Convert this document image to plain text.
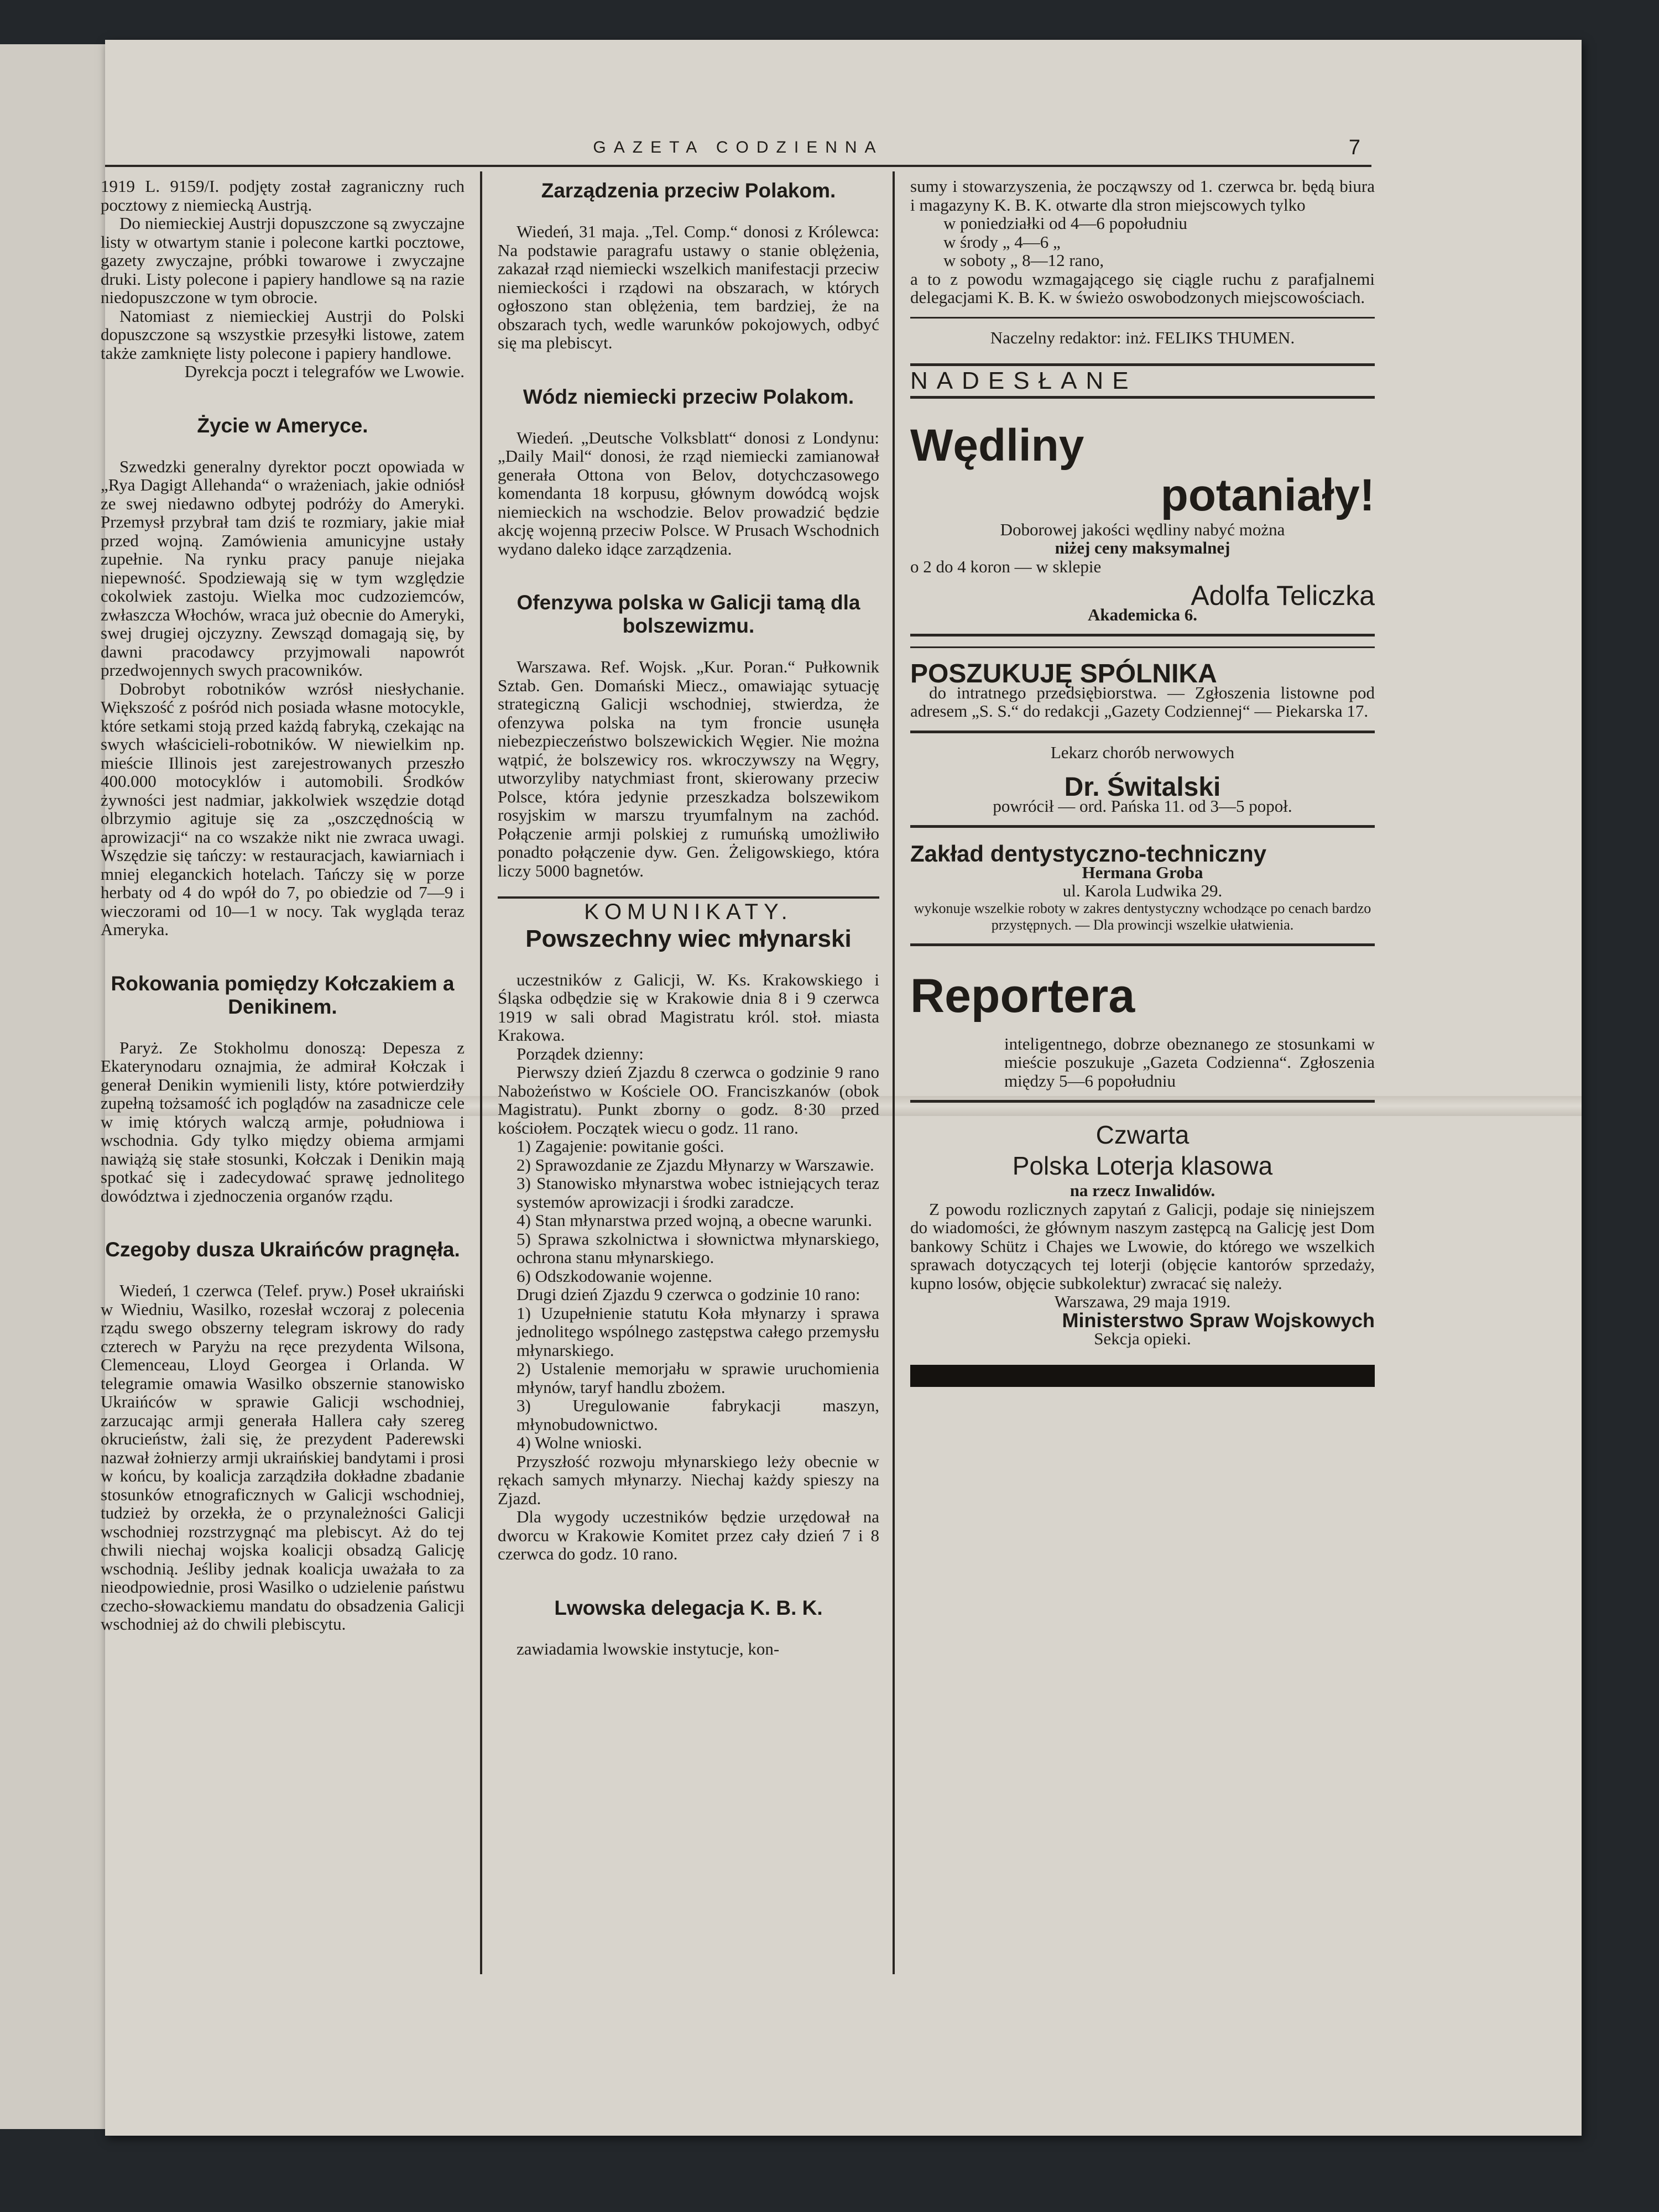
GAZETA CODZIENNA	7

1919 L. 9159/I. podjęty został zagraniczny ruch pocztowy z niemiecką Austrją.

Do niemieckiej Austrji dopuszczone są zwyczajne listy w otwartym stanie i polecone kartki pocztowe, gazety zwyczajne, próbki towarowe i zwyczajne druki. Listy polecone i papiery handlowe są na razie niedopuszczone w tym obrocie.

Natomiast z niemieckiej Austrji do Polski dopuszczone są wszystkie przesyłki listowe, zatem także zamknięte listy polecone i papiery handlowe.

Dyrekcja poczt i telegrafów we Lwowie.

Życie w Ameryce.

Szwedzki generalny dyrektor poczt opowiada w „Rya Dagigt Allehanda“ o wrażeniach, jakie odniósł ze swej niedawno odbytej podróży do Ameryki. Przemysł przybrał tam dziś te rozmiary, jakie miał przed wojną. Zamówienia amunicyjne ustały zupełnie. Na rynku pracy panuje niejaka niepewność. Spodziewają się w tym względzie cokolwiek zastoju. Wielka moc cudzoziemców, zwłaszcza Włochów, wraca już obecnie do Ameryki, swej drugiej ojczyzny. Zewsząd domagają się, by dawni pracodawcy przyjmowali napowrót przedwojennych swych pracowników.

Dobrobyt robotników wzrósł niesłychanie. Większość z pośród nich posiada własne motocykle, które setkami stoją przed każdą fabryką, czekając na swych właścicieli-robotników. W niewielkim np. mieście Illinois jest zarejestrowanych przeszło 400.000 motocyklów i automobili. Środków żywności jest nadmiar, jakkolwiek wszędzie dotąd olbrzymio agituje się za „oszczędnością w aprowizacji“ na co wszakże nikt nie zwraca uwagi. Wszędzie się tańczy: w restauracjach, kawiarniach i mniej eleganckich hotelach. Tańczy się w porze herbaty od 4 do wpół do 7, po obiedzie od 7—9 i wieczorami od 10—1 w nocy. Tak wygląda teraz Ameryka.

Rokowania pomiędzy Kołczakiem a Denikinem.

Paryż. Ze Stokholmu donoszą: Depesza z Ekaterynodaru oznajmia, że admirał Kołczak i generał Denikin wymienili listy, które potwierdziły zupełną tożsamość ich poglądów na zasadnicze cele w imię których walczą armje, południowa i wschodnia. Gdy tylko między obiema armjami nawiążą się stałe stosunki, Kołczak i Denikin mają spotkać się i zadecydować sprawę jednolitego dowództwa i zjednoczenia organów rządu.

Czegoby dusza Ukraińców pragnęła.

Wiedeń, 1 czerwca (Telef. pryw.) Poseł ukraiński w Wiedniu, Wasilko, rozesłał wczoraj z polecenia rządu swego obszerny telegram iskrowy do rady czterech w Paryżu na ręce prezydenta Wilsona, Clemenceau, Lloyd Georgea i Orlanda. W telegramie omawia Wasilko obszernie stanowisko Ukraińców w sprawie Galicji wschodniej, zarzucając armji generała Hallera cały szereg okrucieństw, żali się, że prezydent Paderewski nazwał żołnierzy armji ukraińskiej bandytami i prosi w końcu, by koalicja zarządziła dokładne zbadanie stosunków etnograficznych w Galicji wschodniej, tudzież by orzekła, że o przynależności Galicji wschodniej rozstrzygnąć ma plebiscyt. Aż do tej chwili niechaj wojska koalicji obsadzą Galicję wschodnią. Jeśliby jednak koalicja uważała to za nieodpowiednie, prosi Wasilko o udzielenie państwu czecho-słowackiemu mandatu do obsadzenia Galicji wschodniej aż do chwili plebiscytu.

Zarządzenia przeciw Polakom.

Wiedeń, 31 maja. „Tel. Comp.“ donosi z Królewca: Na podstawie paragrafu ustawy o stanie oblężenia, zakazał rząd niemiecki wszelkich manifestacji przeciw niemieckości i rządowi na obszarach, w których ogłoszono stan oblężenia, tem bardziej, że na obszarach tych, wedle warunków pokojowych, odbyć się ma plebiscyt.

Wódz niemiecki przeciw Polakom.

Wiedeń. „Deutsche Volksblatt“ donosi z Londynu: „Daily Mail“ donosi, że rząd niemiecki zamianował generała Ottona von Belov, dotychczasowego komendanta 18 korpusu, głównym dowódcą wojsk niemieckich na wschodzie. Belov prowadzić będzie akcję wojenną przeciw Polsce. W Prusach Wschodnich wydano daleko idące zarządzenia.

Ofenzywa polska w Galicji tamą dla bolszewizmu.

Warszawa. Ref. Wojsk. „Kur. Poran.“ Pułkownik Sztab. Gen. Domański Miecz., omawiając sytuację strategiczną Galicji wschodniej, stwierdza, że ofenzywa polska na tym froncie usunęła niebezpieczeństwo bolszewickich Węgier. Nie można wątpić, że bolszewicy ros. wkroczywszy na Węgry, utworzyliby natychmiast front, skierowany przeciw Polsce, która jedynie przeszkadza bolszewikom rosyjskim w marszu tryumfalnym na zachód. Połączenie armji polskiej z rumuńską umożliwiło ponadto połączenie dyw. Gen. Żeligowskiego, która liczy 5000 bagnetów.

KOMUNIKATY.
Powszechny wiec młynarski

uczestników z Galicji, W. Ks. Krakowskiego i Śląska odbędzie się w Krakowie dnia 8 i 9 czerwca 1919 w sali obrad Magistratu król. stoł. miasta Krakowa.

Porządek dzienny:

Pierwszy dzień Zjazdu 8 czerwca o godzinie 9 rano Nabożeństwo w Kościele OO. Franciszkanów (obok Magistratu). Punkt zborny o godz. 8·30 przed kościołem. Początek wiecu o godz. 11 rano.

1) Zagajenie: powitanie gości.
2) Sprawozdanie ze Zjazdu Młynarzy w Warszawie.
3) Stanowisko młynarstwa wobec istniejących teraz systemów aprowizacji i środki zaradcze.
4) Stan młynarstwa przed wojną, a obecne warunki.
5) Sprawa szkolnictwa i słownictwa młynarskiego, ochrona stanu młynarskiego.
6) Odszkodowanie wojenne.

Drugi dzień Zjazdu 9 czerwca o godzinie 10 rano:

1) Uzupełnienie statutu Koła młynarzy i sprawa jednolitego wspólnego zastępstwa całego przemysłu młynarskiego.
2) Ustalenie memorjału w sprawie uruchomienia młynów, taryf handlu zbożem.
3) Uregulowanie fabrykacji maszyn, młynobudownictwo.
4) Wolne wnioski.

Przyszłość rozwoju młynarskiego leży obecnie w rękach samych młynarzy. Niechaj każdy spieszy na Zjazd.

Dla wygody uczestników będzie urzędował na dworcu w Krakowie Komitet przez cały dzień 7 i 8 czerwca do godz. 10 rano.

Lwowska delegacja K. B. K.

zawiadamia lwowskie instytucje, kon-

sumy i stowarzyszenia, że począwszy od 1. czerwca br. będą biura i magazyny K. B. K. otwarte dla stron miejscowych tylko

w poniedziałki od 4—6 popołudniu
w środy „ 4—6 „
w soboty „ 8—12 rano,

a to z powodu wzmagającego się ciągle ruchu z parafjalnemi delegacjami K. B. K. w świeżo oswobodzonych miejscowościach.

Naczelny redaktor: inż. FELIKS THUMEN.

NADESŁANE
Wędliny
potaniały!

Doborowej jakości wędliny nabyć można

niżej ceny maksymalnej

o 2 do 4 koron — w sklepie

Adolfa Teliczka

Akademicka 6.

POSZUKUJĘ SPÓLNIKA

do intratnego przedsiębiorstwa. — Zgłoszenia listowne pod adresem „S. S.“ do redakcji „Gazety Codziennej“ — Piekarska 17.

Lekarz chorób nerwowych

Dr. Świtalski

powrócił — ord. Pańska 11. od 3—5 popoł.

Zakład dentystyczno-techniczny

Hermana Groba

ul. Karola Ludwika 29.

wykonuje wszelkie roboty w zakres dentystyczny wchodzące po cenach bardzo przystępnych. — Dla prowincji wszelkie ułatwienia.

Reportera

inteligentnego, dobrze obeznanego ze stosunkami w mieście poszukuje „Gazeta Codzienna“. Zgłoszenia między 5—6 popołudniu

Czwarta
Polska Loterja klasowa

na rzecz Inwalidów.

Z powodu rozlicznych zapytań z Galicji, podaje się niniejszem do wiadomości, że głównym naszym zastępcą na Galicję jest Dom bankowy Schütz i Chajes we Lwowie, do którego we wszelkich sprawach dotyczących tej loterji (objęcie kantorów sprzedaży, kupno losów, objęcie subkolektur) zwracać się należy.

Warszawa, 29 maja 1919.

Ministerstwo Spraw Wojskowych

Sekcja opieki.
